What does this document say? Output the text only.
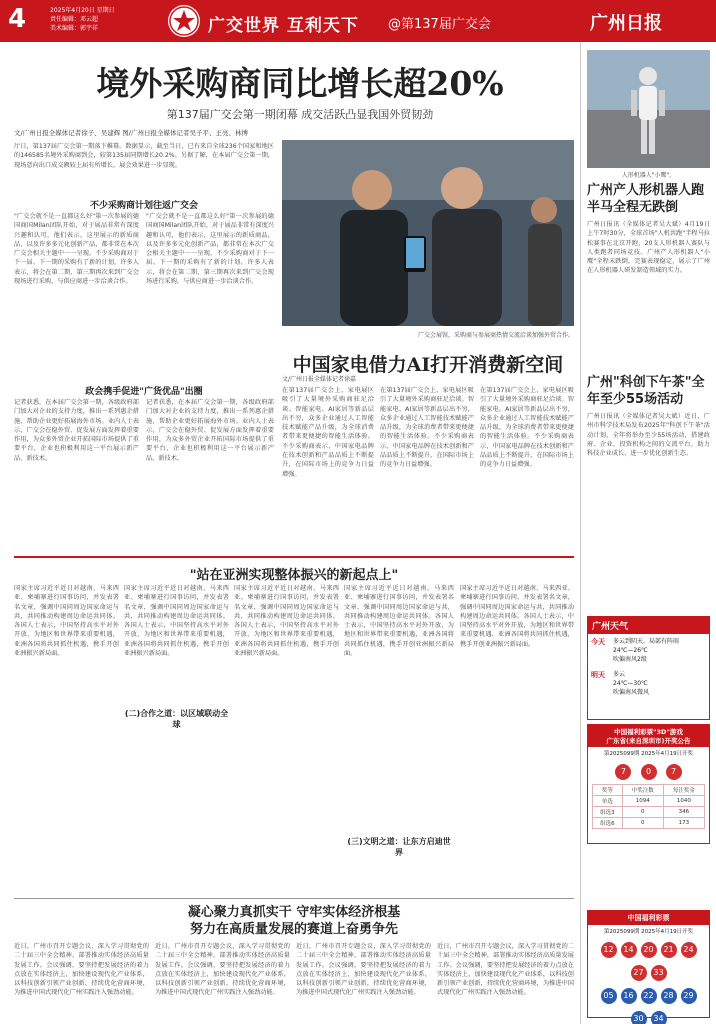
4	2025年4月20日 星期日
责任编辑：邓云超
美术编辑：郭宇祥	广交世界 互利天下 @第137届广交会	广州日报
境外采购商同比增长超20%
第137届广交会第一期闭幕 成交活跃凸显我国外贸韧劲
文/广州日报全媒体记者徐子、吴建辉 图/广州日报全媒体记者吴子平、王亮、林博
厅日，第137届广交会第一期落下帷幕。数据显示，截至当日，已有来自全球236个国家和地区的146585名境外采购商到会，较第135届同期增长20.2%。另据了解，在本届广交会第一期，现场意向出口成交额较上届有所增长，展会效果进一步显现。
不少采购商计划往返广交会
"广交会就不是一直都这么好"第一次参展的德国商国Milan团队开始，对于展品非常有深度兴趣和认可，他们表示，这里展示的新质商品，以及许多多元化创新产品，都非常在本次广交会相关主题中一一呈现。不少采购商对于下一届、下一期的采购有了新的计划，许多人表示，将会在第二期、第三期再次来到广交会现场进行采购，与供应商进一步洽谈合作。
"广交会就不是一直都这么好"第一次参展的德国商国Milan团队开始，对于展品非常有深度兴趣和认可，他们表示，这里展示的新质商品，以及许多多元化创新产品，都非常在本次广交会相关主题中一一呈现。不少采购商对于下一届、下一期的采购有了新的计划，许多人表示，将会在第二期、第三期再次来到广交会现场进行采购，与供应商进一步洽谈合作。
政会携手促进"广货优品"出圈
记者获悉，在本届广交会第一期，各级政府部门加大对企业的支持力度，推出一系列惠企措施，帮助企业更好拓展海外市场。业内人士表示，广交会在稳外贸、促发展方面发挥着重要作用，为众多外贸企业开拓国际市场提供了重要平台，企业也积极利用这一平台展示新产品、新技术。
记者获悉，在本届广交会第一期，各级政府部门加大对企业的支持力度，推出一系列惠企措施，帮助企业更好拓展海外市场。业内人士表示，广交会在稳外贸、促发展方面发挥着重要作用，为众多外贸企业开拓国际市场提供了重要平台，企业也积极利用这一平台展示新产品、新技术。
广交会展馆，采购商与参展商热情交流洽谈加强外贸合作。
中国家电借力AI打开消费新空间
文/广州日报全媒体记者徐嘉
在第137届广交会上，家电展区吸引了大量境外采购商驻足洽谈。智能家电、AI家居等新品层出不穷，众多企业通过人工智能技术赋能产品升级，为全球消费者带来更便捷的智能生活体验。不少采购商表示，中国家电品牌在技术创新和产品品质上不断提升，在国际市场上的竞争力日益增强。
在第137届广交会上，家电展区吸引了大量境外采购商驻足洽谈。智能家电、AI家居等新品层出不穷，众多企业通过人工智能技术赋能产品升级，为全球消费者带来更便捷的智能生活体验。不少采购商表示，中国家电品牌在技术创新和产品品质上不断提升，在国际市场上的竞争力日益增强。
在第137届广交会上，家电展区吸引了大量境外采购商驻足洽谈。智能家电、AI家居等新品层出不穷，众多企业通过人工智能技术赋能产品升级，为全球消费者带来更便捷的智能生活体验。不少采购商表示，中国家电品牌在技术创新和产品品质上不断提升，在国际市场上的竞争力日益增强。
"站在亚洲实现整体振兴的新起点上"
国家主席习近平近日对越南、马来西亚、柬埔寨进行国事访问，并发表署名文章，强调中国同周边国家命运与共，共同推动构建周边命运共同体。各国人士表示，中国坚持高水平对外开放，为地区和世界带来重要机遇，亚洲各国将共同抓住机遇，携手开创亚洲振兴新局面。
国家主席习近平近日对越南、马来西亚、柬埔寨进行国事访问，并发表署名文章，强调中国同周边国家命运与共，共同推动构建周边命运共同体。各国人士表示，中国坚持高水平对外开放，为地区和世界带来重要机遇，亚洲各国将共同抓住机遇，携手开创亚洲振兴新局面。
(二)合作之道：以区域联动全球
国家主席习近平近日对越南、马来西亚、柬埔寨进行国事访问，并发表署名文章，强调中国同周边国家命运与共，共同推动构建周边命运共同体。各国人士表示，中国坚持高水平对外开放，为地区和世界带来重要机遇，亚洲各国将共同抓住机遇，携手开创亚洲振兴新局面。
国家主席习近平近日对越南、马来西亚、柬埔寨进行国事访问，并发表署名文章，强调中国同周边国家命运与共，共同推动构建周边命运共同体。各国人士表示，中国坚持高水平对外开放，为地区和世界带来重要机遇，亚洲各国将共同抓住机遇，携手开创亚洲振兴新局面。
(三)文明之道：让东方启迪世界
国家主席习近平近日对越南、马来西亚、柬埔寨进行国事访问，并发表署名文章，强调中国同周边国家命运与共，共同推动构建周边命运共同体。各国人士表示，中国坚持高水平对外开放，为地区和世界带来重要机遇，亚洲各国将共同抓住机遇，携手开创亚洲振兴新局面。
凝心聚力真抓实干 守牢实体经济根基
努力在高质量发展的赛道上奋勇争先
近日，广州市召开专题会议，深入学习贯彻党的二十届三中全会精神，部署推动实体经济高质量发展工作。会议强调，要坚持把发展经济的着力点放在实体经济上，加快建设现代化产业体系，以科技创新引领产业创新，持续优化营商环境，为推进中国式现代化广州实践注入强劲动能。
近日，广州市召开专题会议，深入学习贯彻党的二十届三中全会精神，部署推动实体经济高质量发展工作。会议强调，要坚持把发展经济的着力点放在实体经济上，加快建设现代化产业体系，以科技创新引领产业创新，持续优化营商环境，为推进中国式现代化广州实践注入强劲动能。
近日，广州市召开专题会议，深入学习贯彻党的二十届三中全会精神，部署推动实体经济高质量发展工作。会议强调，要坚持把发展经济的着力点放在实体经济上，加快建设现代化产业体系，以科技创新引领产业创新，持续优化营商环境，为推进中国式现代化广州实践注入强劲动能。
近日，广州市召开专题会议，深入学习贯彻党的二十届三中全会精神，部署推动实体经济高质量发展工作。会议强调，要坚持把发展经济的着力点放在实体经济上，加快建设现代化产业体系，以科技创新引领产业创新，持续优化营商环境，为推进中国式现代化广州实践注入强劲动能。
人形机器人"小鹰"。
广州产人形机器人跑半马全程无跌倒
广州日报讯（全媒体记者吴大斌）4月19日上午7时30分，全球首场"人机共跑"半程马拉松赛事在北京开跑，20支人形机器人赛队与人类跑者同场竞技。广州产人形机器人"小鹰"全程未跌倒，完赛表现稳定，展示了广州在人形机器人研发制造领域的实力。
广州"科创下午茶"全年至少55场活动
广州日报讯（全媒体记者吴大斌）近日，广州市科学技术局发布2025年"科创下午茶"活动计划，全年将举办至少55场活动，搭建政府、企业、投资机构之间的交流平台，助力科技企业成长，进一步优化创新生态。
广州天气
今天	多云到阴天，局部有阵雨
24℃—26℃
吹偏南风2级
明天	多云
24℃—30℃
吹偏南风微风
中国福利彩票"3D"游戏
广东省(来自深圳市)开奖公告
第2025099期 2025年4月19日开奖
7	0	7
奖等	中奖注数	每注奖金
单选	1094	1040
组选3	0	346
组选6	0	173
中国福利彩票
第2025099期 2025年4月19日开奖
12 14 20 21 2427 33
05 16 22 28 2930 34
